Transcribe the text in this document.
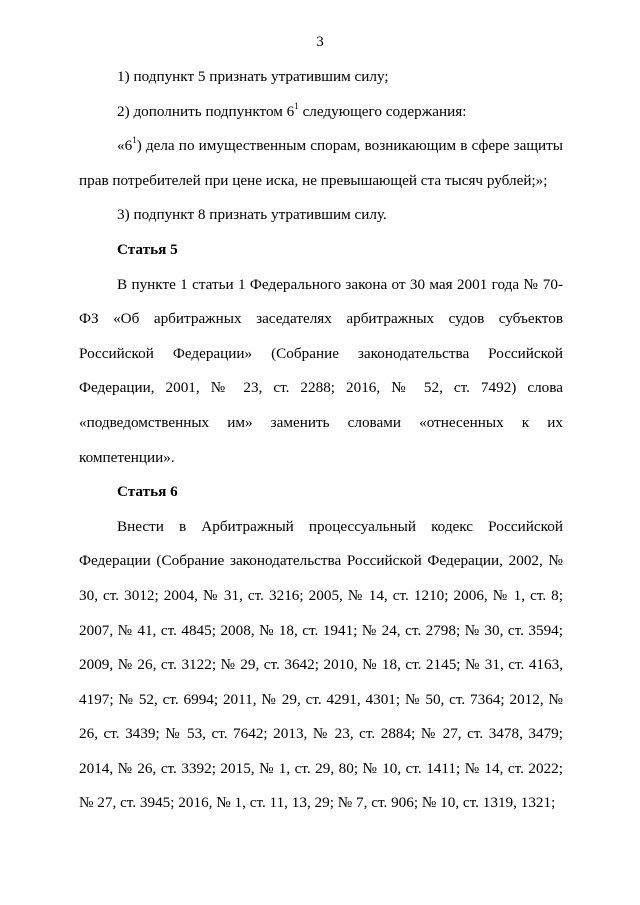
3

1) подпункт 5 признать утратившим силу;

2) дополнить подпунктом $6^1$ следующего содержания:

«$6^1$) дела по имущественным спорам, возникающим в сфере защиты прав потребителей при цене иска, не превышающей ста тысяч рублей;»;

3) подпункт 8 признать утратившим силу.

Статья 5

В пункте 1 статьи 1 Федерального закона от 30 мая 2001 года № 70-ФЗ «Об арбитражных заседателях арбитражных судов субъектов Российской Федерации» (Собрание законодательства Российской Федерации, 2001, № 23, ст. 2288; 2016, № 52, ст. 7492) слова «подведомственных им» заменить словами «отнесенных к их компетенции».

Статья 6

Внести в Арбитражный процессуальный кодекс Российской Федерации (Собрание законодательства Российской Федерации, 2002, № 30, ст. 3012; 2004, № 31, ст. 3216; 2005, № 14, ст. 1210; 2006, № 1, ст. 8; 2007, № 41, ст. 4845; 2008, № 18, ст. 1941; № 24, ст. 2798; № 30, ст. 3594; 2009, № 26, ст. 3122; № 29, ст. 3642; 2010, № 18, ст. 2145; № 31, ст. 4163, 4197; № 52, ст. 6994; 2011, № 29, ст. 4291, 4301; № 50, ст. 7364; 2012, № 26, ст. 3439; № 53, ст. 7642; 2013, № 23, ст. 2884; № 27, ст. 3478, 3479; 2014, № 26, ст. 3392; 2015, № 1, ст. 29, 80; № 10, ст. 1411; № 14, ст. 2022; № 27, ст. 3945; 2016, № 1, ст. 11, 13, 29; № 7, ст. 906; № 10, ст. 1319, 1321;
